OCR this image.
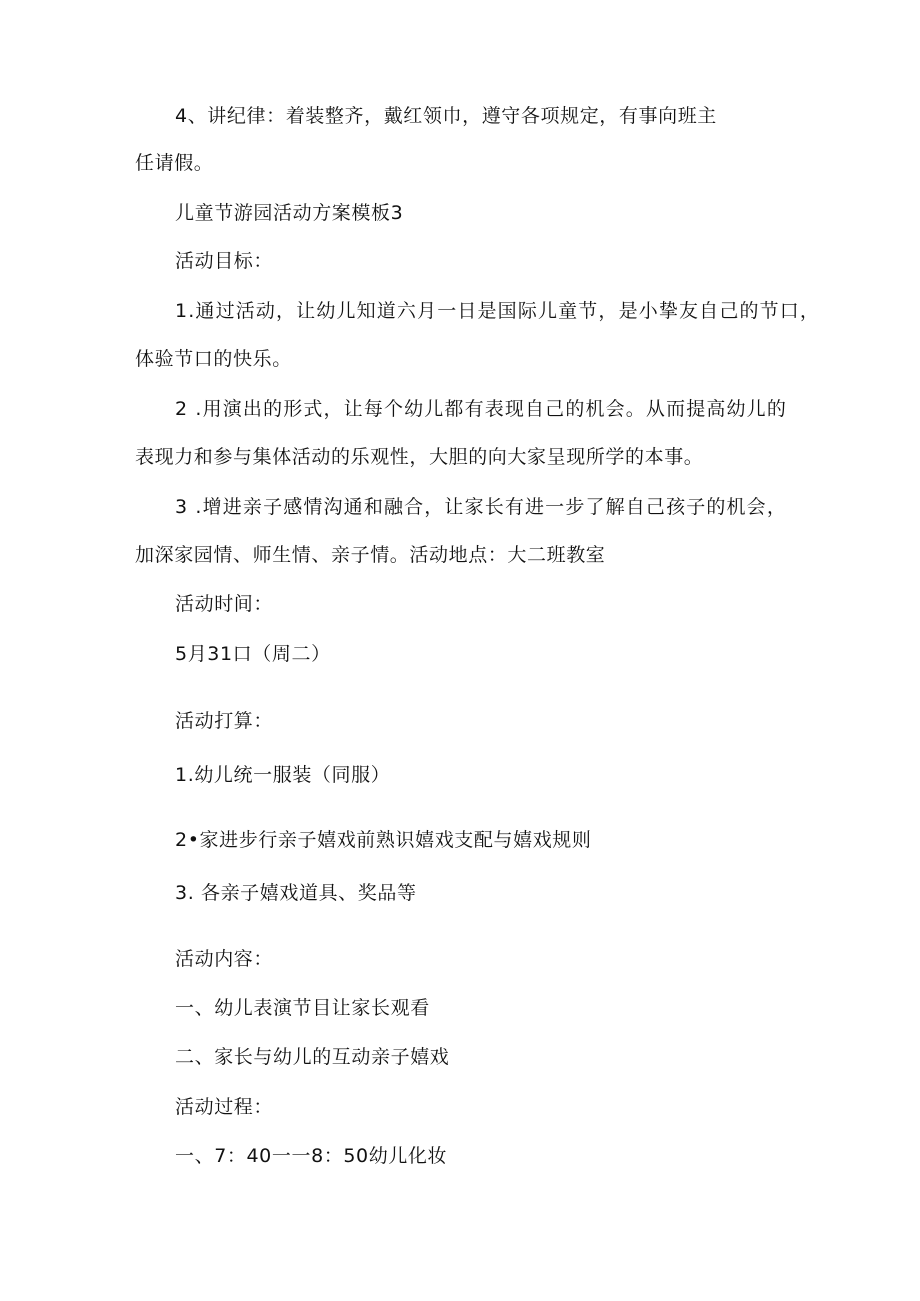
4、讲纪律：着装整齐，戴红领巾，遵守各项规定，有事向班主

任请假。

儿童节游园活动方案模板3

活动目标：

1.通过活动，让幼儿知道六月一日是国际儿童节，是小挚友自己的节口，

体验节口的快乐。

2 .用演出的形式，让每个幼儿都有表现自己的机会。从而提高幼儿的

表现力和参与集体活动的乐观性，大胆的向大家呈现所学的本事。

3 .增进亲子感情沟通和融合，让家长有进一步了解自己孩子的机会，

加深家园情、师生情、亲子情。活动地点：大二班教室

活动时间：

5月31口（周二）

活动打算：

1.幼儿统一服装（同服）

2•家进步行亲子嬉戏前熟识嬉戏支配与嬉戏规则

3. 各亲子嬉戏道具、奖品等

活动内容：

一、幼儿表演节目让家长观看

二、家长与幼儿的互动亲子嬉戏

活动过程：

一、7：40一一8：50幼儿化妆
